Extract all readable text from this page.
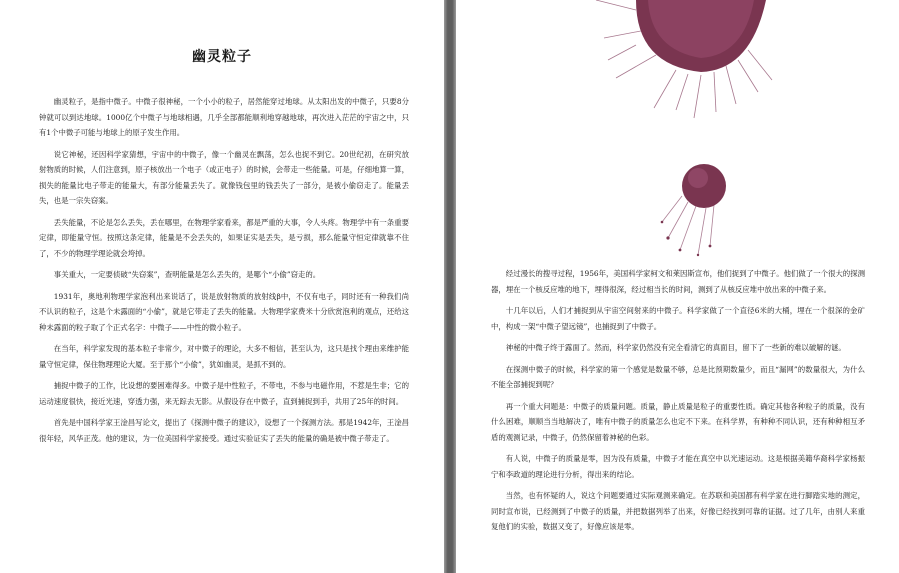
幽灵粒子

幽灵粒子，是指中微子。中微子很神秘，一个小小的粒子，居然能穿过地球。从太阳出发的中微子，只要8分钟就可以到达地球。1000亿个中微子与地球相遇，几乎全部都能顺利地穿越地球，再次进入茫茫的宇宙之中，只有1个中微子可能与地球上的原子发生作用。

说它神秘，还因科学家猜想，宇宙中的中微子，像一个幽灵在飘荡，怎么也捉不到它。20世纪初，在研究放射物质的时候，人们注意到，原子核放出一个电子（或正电子）的时候，会带走一些能量。可是，仔细地算一算，损失的能量比电子带走的能量大，有部分能量丢失了。就像钱包里的钱丢失了一部分，是被小偷窃走了。能量丢失，也是一宗失窃案。

丢失能量，不论是怎么丢失，丢在哪里，在物理学家看来，都是严重的大事，令人头疼。物理学中有一条重要定律，即能量守恒。按照这条定律，能量是不会丢失的，如果证实是丢失，是亏损，那么能量守恒定律就靠不住了，不少的物理学理论就会垮掉。

事关重大，一定要侦破“失窃案”，查明能量是怎么丢失的，是哪个“小偷”窃走的。

1931年，奥地利物理学家泡利出来说话了，说是放射物质的放射线β中，不仅有电子，同时还有一种我们尚不认识的粒子，这是个未露面的“小偷”，就是它带走了丢失的能量。大物理学家费米十分欣赏泡利的观点，还给这种未露面的粒子取了个正式名字：中微子——中性的微小粒子。

在当年，科学家发现的基本粒子非常少，对中微子的理论，大多不相信，甚至认为，这只是找个理由来维护能量守恒定律，保住物理理论大厦。至于那个“小偷”，犹如幽灵，是抓不到的。

捕捉中微子的工作，比设想的要困难得多。中微子是中性粒子，不带电，不参与电磁作用，不惹是生非；它的运动速度很快，接近光速，穿透力强，来无踪去无影。从假设存在中微子，直到捕捉到手，共用了25年的时间。

首先是中国科学家王淦昌写论文，提出了《探测中微子的建议》，设想了一个探测方法。那是1942年，王淦昌很年轻，风华正茂。他的建议，为一位美国科学家接受。通过实验证实了丢失的能量的确是被中微子带走了。

经过漫长的搜寻过程，1956年，美国科学家柯文和莱因斯宣布，他们捉到了中微子。他们做了一个很大的探测器，埋在一个核反应堆的地下，埋得很深，经过相当长的时间，测到了从核反应堆中放出来的中微子来。

十几年以后，人们才捕捉到从宇宙空间射来的中微子。科学家做了一个直径6米的大桶，埋在一个很深的金矿中，构成一架“中微子望远镜”，也捕捉到了中微子。

神秘的中微子终于露面了。然而，科学家仍然没有完全看清它的真面目，留下了一些新的难以破解的谜。

在探测中微子的时候，科学家的第一个感觉是数量不够，总是比预期数量少，而且“漏网”的数量很大，为什么不能全部捕捉到呢？

再一个重大问题是：中微子的质量问题。质量，静止质量是粒子的重要性质。确定其他各种粒子的质量，没有什么困难，顺顺当当地解决了，唯有中微子的质量怎么也定不下来。在科学界，有种种不同认识，还有种种相互矛盾的观测记录，中微子，仍然保留着神秘的色彩。

有人说，中微子的质量是零，因为没有质量，中微子才能在真空中以光速运动。这是根据美籍华裔科学家杨振宁和李政道的理论进行分析，得出来的结论。

当然，也有怀疑的人，说这个问题要通过实际观测来确定。在苏联和美国都有科学家在进行脚踏实地的测定，同时宣布说，已经测到了中微子的质量，并把数据列举了出来，好像已经找到可靠的证据。过了几年，由别人来重复他们的实验，数据又变了，好像应该是零。
